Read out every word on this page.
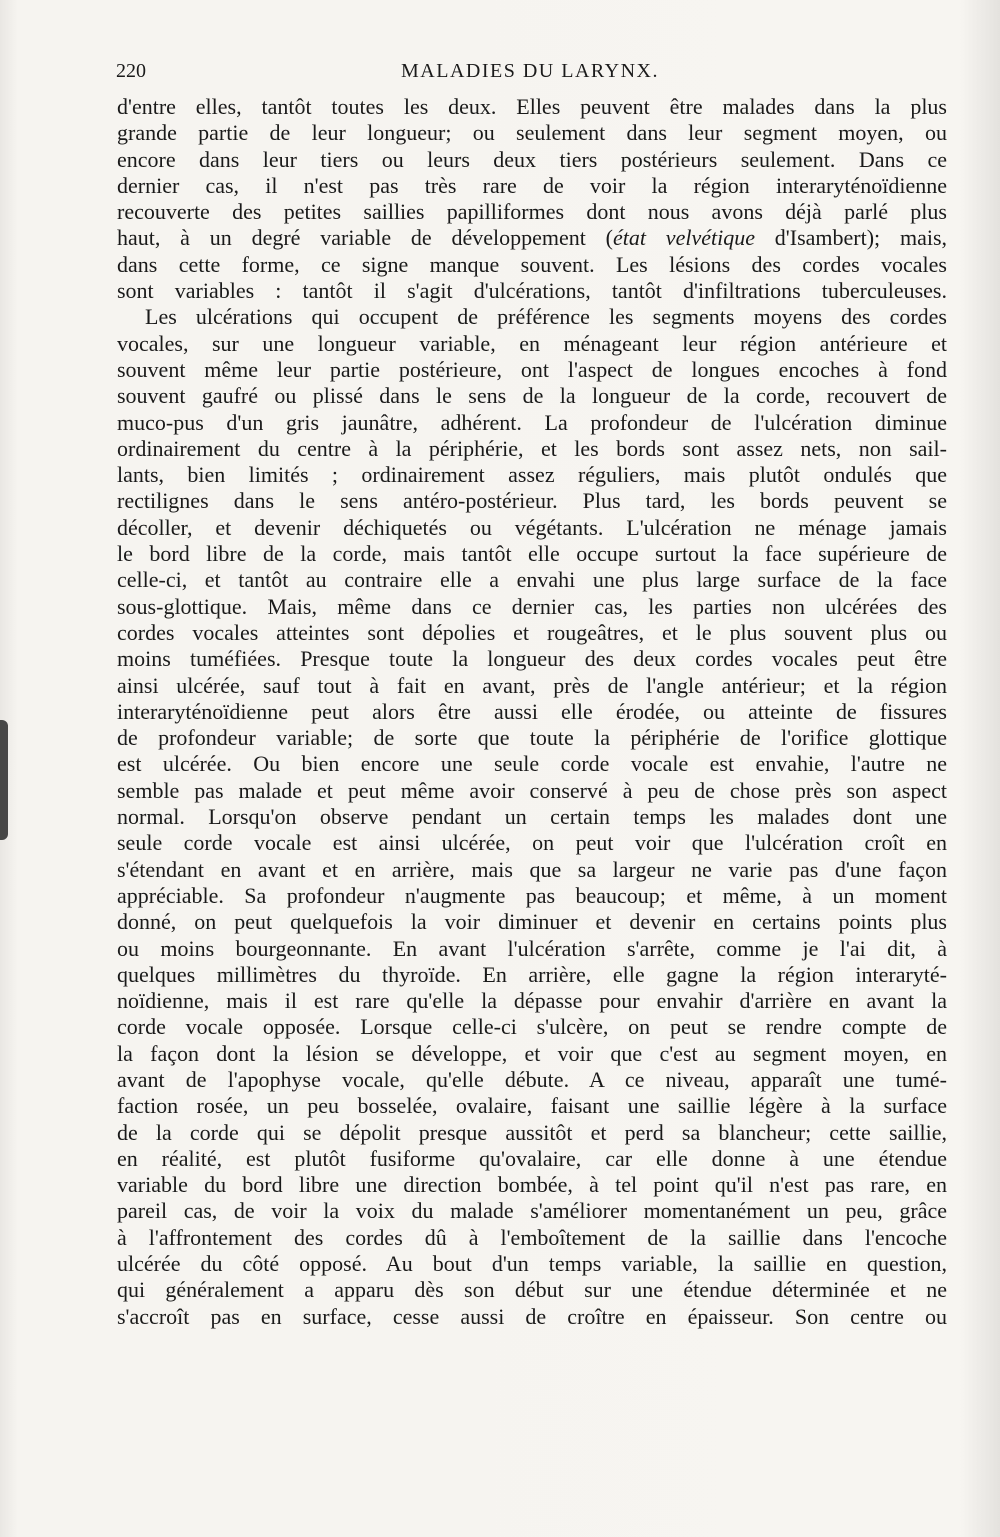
220	MALADIES DU LARYNX.
d'entre elles, tantôt toutes les deux. Elles peuvent être malades dans la plus
grande partie de leur longueur; ou seulement dans leur segment moyen, ou
encore dans leur tiers ou leurs deux tiers postérieurs seulement. Dans ce
dernier cas, il n'est pas très rare de voir la région interaryténoïdienne
recouverte des petites saillies papilliformes dont nous avons déjà parlé plus
haut, à un degré variable de développement (état velvétique d'Isambert); mais,
dans cette forme, ce signe manque souvent. Les lésions des cordes vocales
sont variables : tantôt il s'agit d'ulcérations, tantôt d'infiltrations tuberculeuses.
Les ulcérations qui occupent de préférence les segments moyens des cordes
vocales, sur une longueur variable, en ménageant leur région antérieure et
souvent même leur partie postérieure, ont l'aspect de longues encoches à fond
souvent gaufré ou plissé dans le sens de la longueur de la corde, recouvert de
muco-pus d'un gris jaunâtre, adhérent. La profondeur de l'ulcération diminue
ordinairement du centre à la périphérie, et les bords sont assez nets, non sail-
lants, bien limités ; ordinairement assez réguliers, mais plutôt ondulés que
rectilignes dans le sens antéro-postérieur. Plus tard, les bords peuvent se
décoller, et devenir déchiquetés ou végétants. L'ulcération ne ménage jamais
le bord libre de la corde, mais tantôt elle occupe surtout la face supérieure de
celle-ci, et tantôt au contraire elle a envahi une plus large surface de la face
sous-glottique. Mais, même dans ce dernier cas, les parties non ulcérées des
cordes vocales atteintes sont dépolies et rougeâtres, et le plus souvent plus ou
moins tuméfiées. Presque toute la longueur des deux cordes vocales peut être
ainsi ulcérée, sauf tout à fait en avant, près de l'angle antérieur; et la région
interaryténoïdienne peut alors être aussi elle érodée, ou atteinte de fissures
de profondeur variable; de sorte que toute la périphérie de l'orifice glottique
est ulcérée. Ou bien encore une seule corde vocale est envahie, l'autre ne
semble pas malade et peut même avoir conservé à peu de chose près son aspect
normal. Lorsqu'on observe pendant un certain temps les malades dont une
seule corde vocale est ainsi ulcérée, on peut voir que l'ulcération croît en
s'étendant en avant et en arrière, mais que sa largeur ne varie pas d'une façon
appréciable. Sa profondeur n'augmente pas beaucoup; et même, à un moment
donné, on peut quelquefois la voir diminuer et devenir en certains points plus
ou moins bourgeonnante. En avant l'ulcération s'arrête, comme je l'ai dit, à
quelques millimètres du thyroïde. En arrière, elle gagne la région interaryté-
noïdienne, mais il est rare qu'elle la dépasse pour envahir d'arrière en avant la
corde vocale opposée. Lorsque celle-ci s'ulcère, on peut se rendre compte de
la façon dont la lésion se développe, et voir que c'est au segment moyen, en
avant de l'apophyse vocale, qu'elle débute. A ce niveau, apparaît une tumé-
faction rosée, un peu bosselée, ovalaire, faisant une saillie légère à la surface
de la corde qui se dépolit presque aussitôt et perd sa blancheur; cette saillie,
en réalité, est plutôt fusiforme qu'ovalaire, car elle donne à une étendue
variable du bord libre une direction bombée, à tel point qu'il n'est pas rare, en
pareil cas, de voir la voix du malade s'améliorer momentanément un peu, grâce
à l'affrontement des cordes dû à l'emboîtement de la saillie dans l'encoche
ulcérée du côté opposé. Au bout d'un temps variable, la saillie en question,
qui généralement a apparu dès son début sur une étendue déterminée et ne
s'accroît pas en surface, cesse aussi de croître en épaisseur. Son centre ou
